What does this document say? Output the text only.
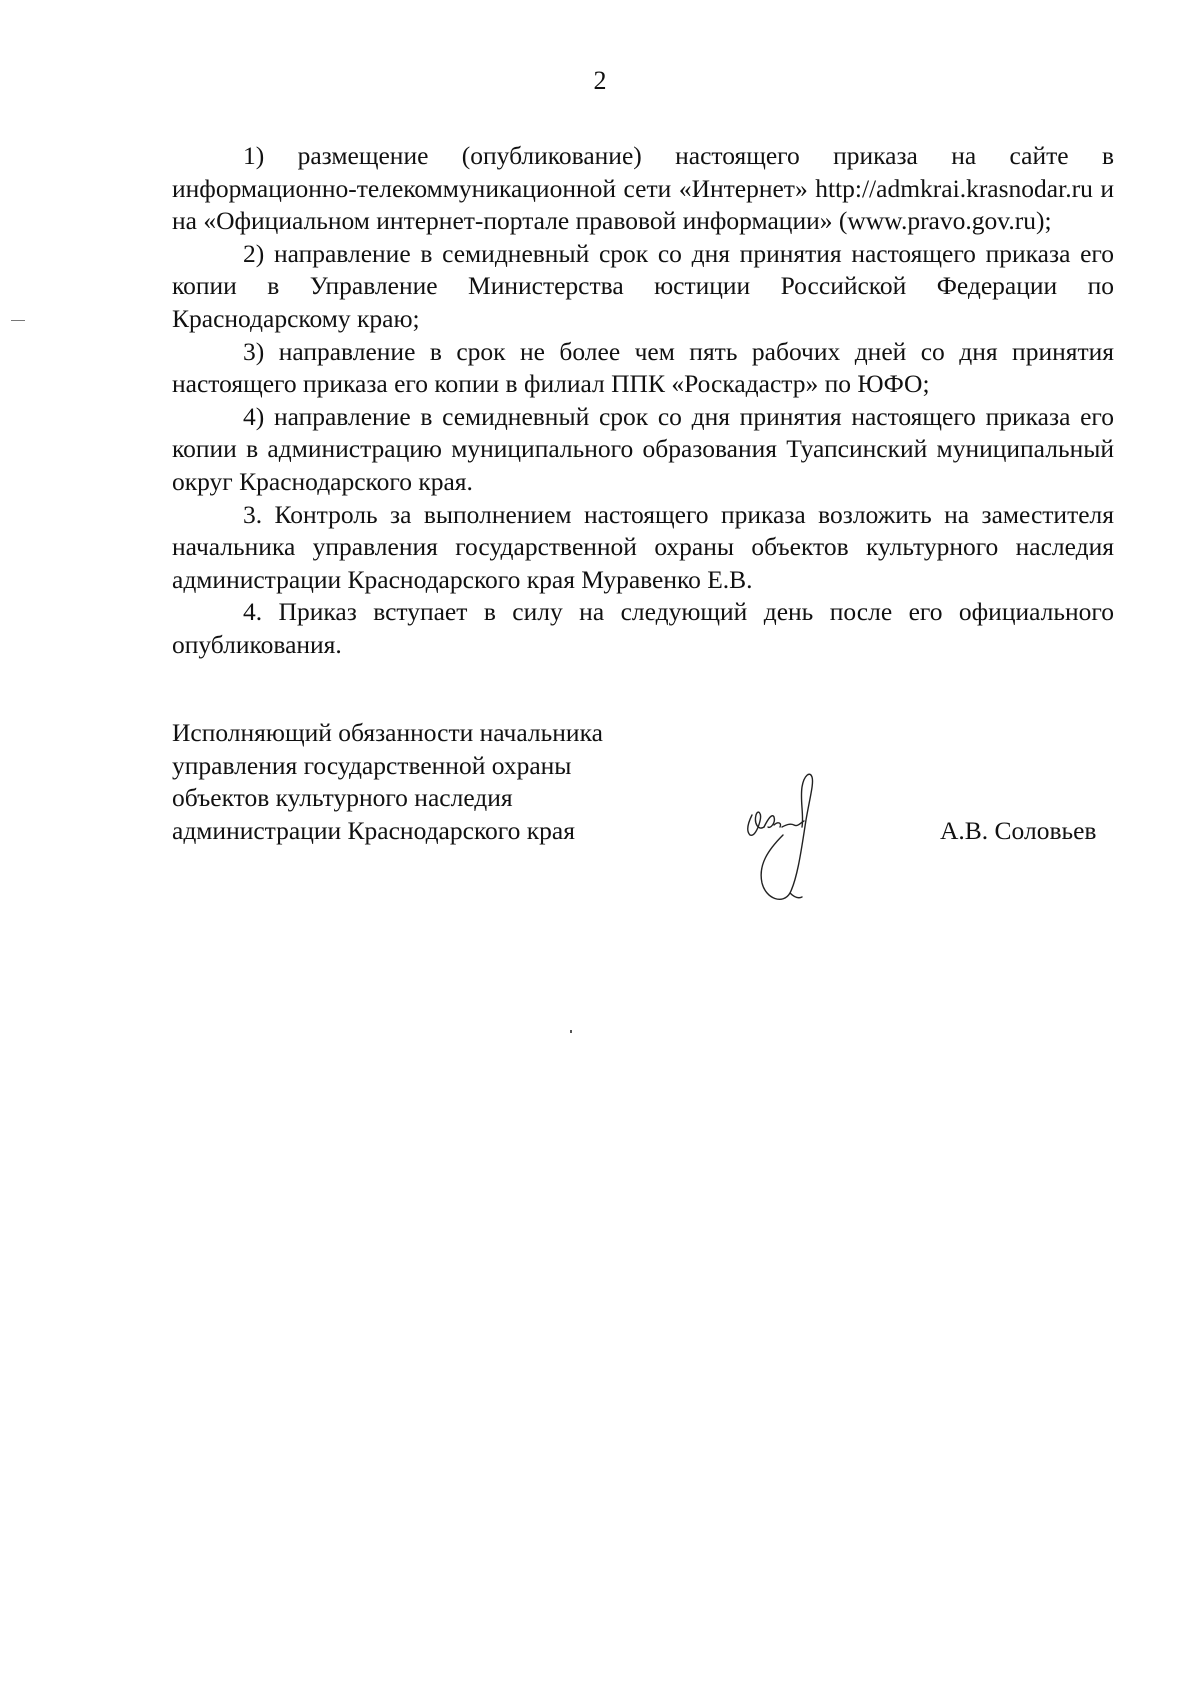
2

1) размещение (опубликование) настоящего приказа на сайте в информационно-телекоммуникационной сети «Интернет» http://admkrai.krasnodar.ru и на «Официальном интернет-портале правовой информации» (www.pravo.gov.ru);

2) направление в семидневный срок со дня принятия настоящего приказа его копии в Управление Министерства юстиции Российской Федерации по Краснодарскому краю;

3) направление в срок не более чем пять рабочих дней со дня принятия настоящего приказа его копии в филиал ППК «Роскадастр» по ЮФО;

4) направление в семидневный срок со дня принятия настоящего приказа его копии в администрацию муниципального образования Туапсинский муниципальный округ Краснодарского края.

3. Контроль за выполнением настоящего приказа возложить на заместителя начальника управления государственной охраны объектов культурного наследия администрации Краснодарского края Муравенко Е.В.

4. Приказ вступает в силу на следующий день после его официального опубликования.

Исполняющий обязанности начальника
управления государственной охраны
объектов культурного наследия
администрации Краснодарского края	А.В. Соловьев
